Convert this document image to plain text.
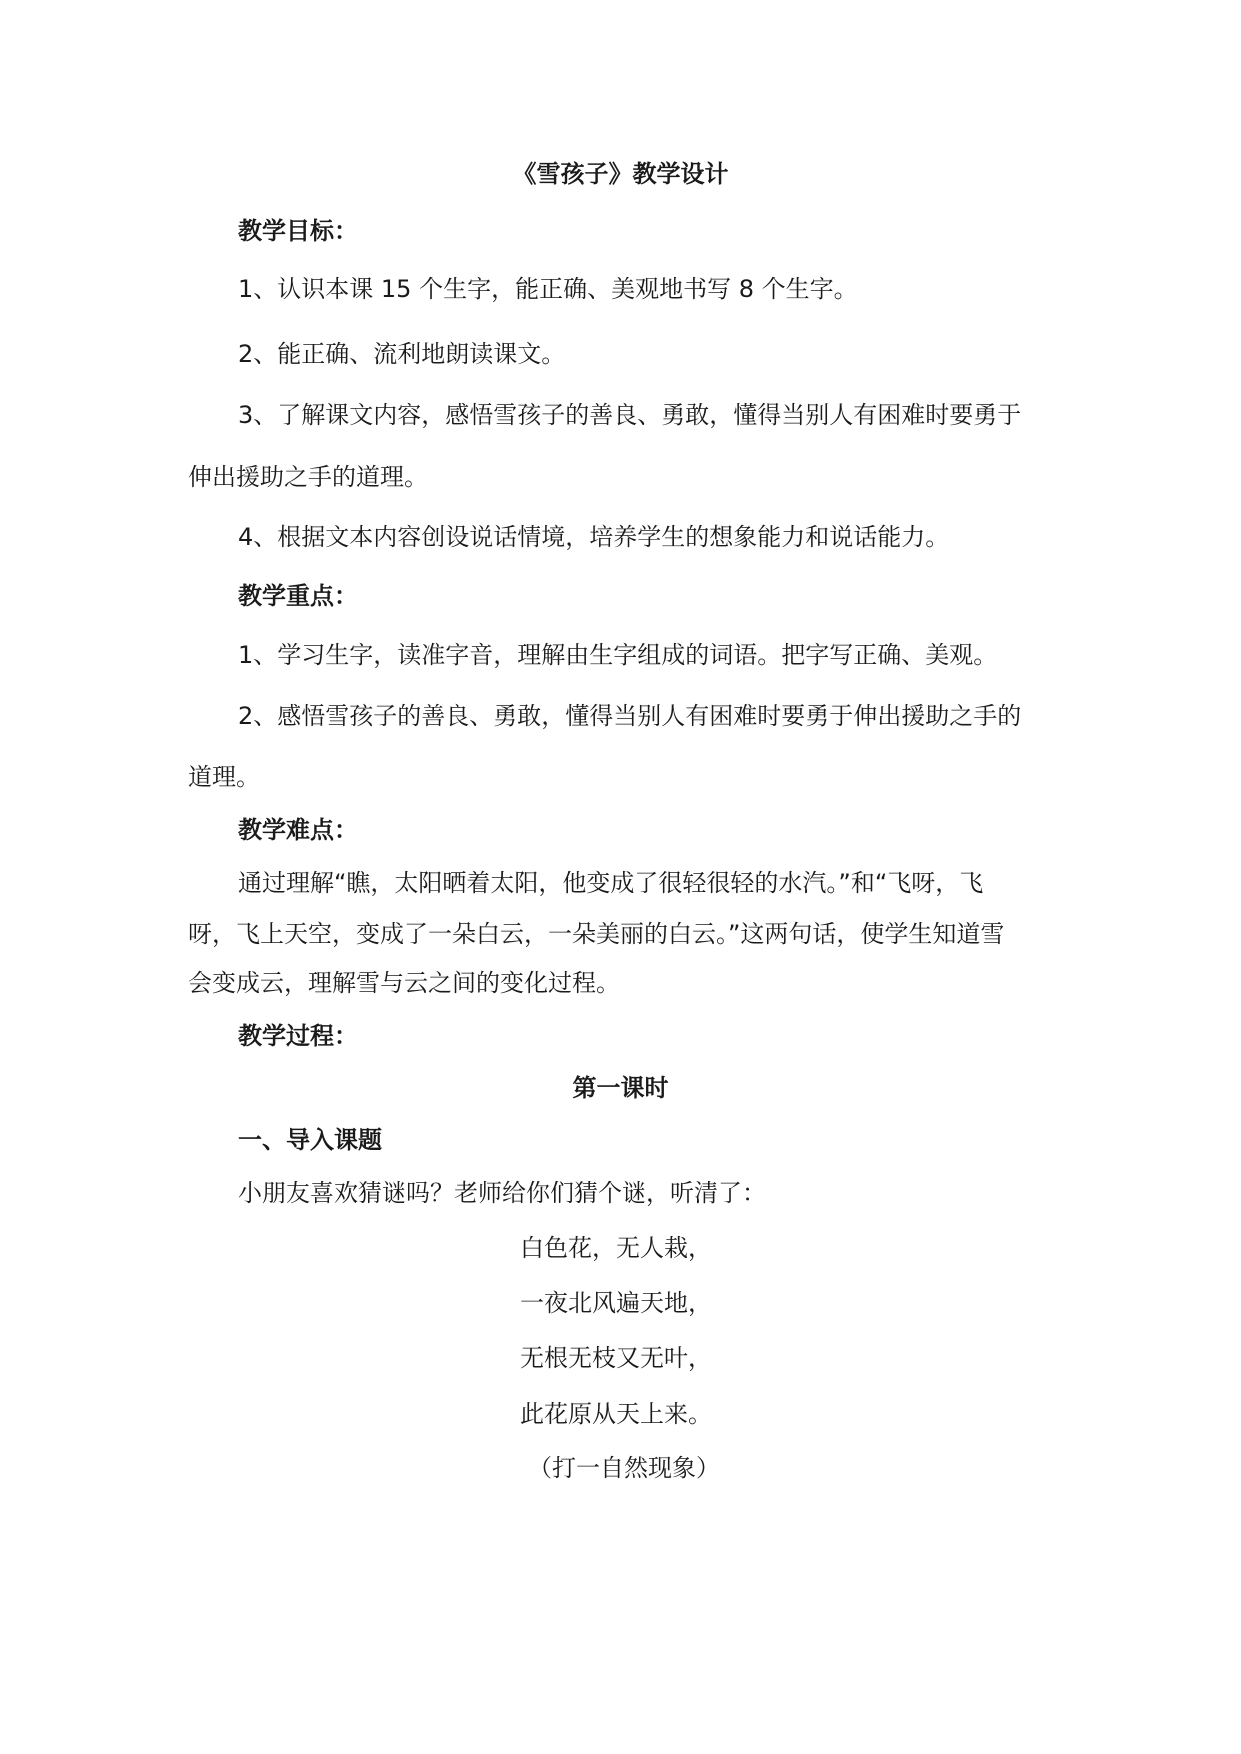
《雪孩子》教学设计
教学目标：
1、认识本课 15 个生字，能正确、美观地书写 8 个生字。
2、能正确、流利地朗读课文。
3、了解课文内容，感悟雪孩子的善良、勇敢，懂得当别人有困难时要勇于
伸出援助之手的道理。
4、根据文本内容创设说话情境，培养学生的想象能力和说话能力。
教学重点：
1、学习生字，读准字音，理解由生字组成的词语。把字写正确、美观。
2、感悟雪孩子的善良、勇敢，懂得当别人有困难时要勇于伸出援助之手的
道理。
教学难点：
通过理解“瞧，太阳晒着太阳，他变成了很轻很轻的水汽。”和“飞呀，飞
呀，飞上天空，变成了一朵白云，一朵美丽的白云。”这两句话，使学生知道雪
会变成云，理解雪与云之间的变化过程。
教学过程：
第一课时
一、导入课题
小朋友喜欢猜谜吗？老师给你们猜个谜，听清了：
白色花，无人栽，
一夜北风遍天地，
无根无枝又无叶，
此花原从天上来。
（打一自然现象）
